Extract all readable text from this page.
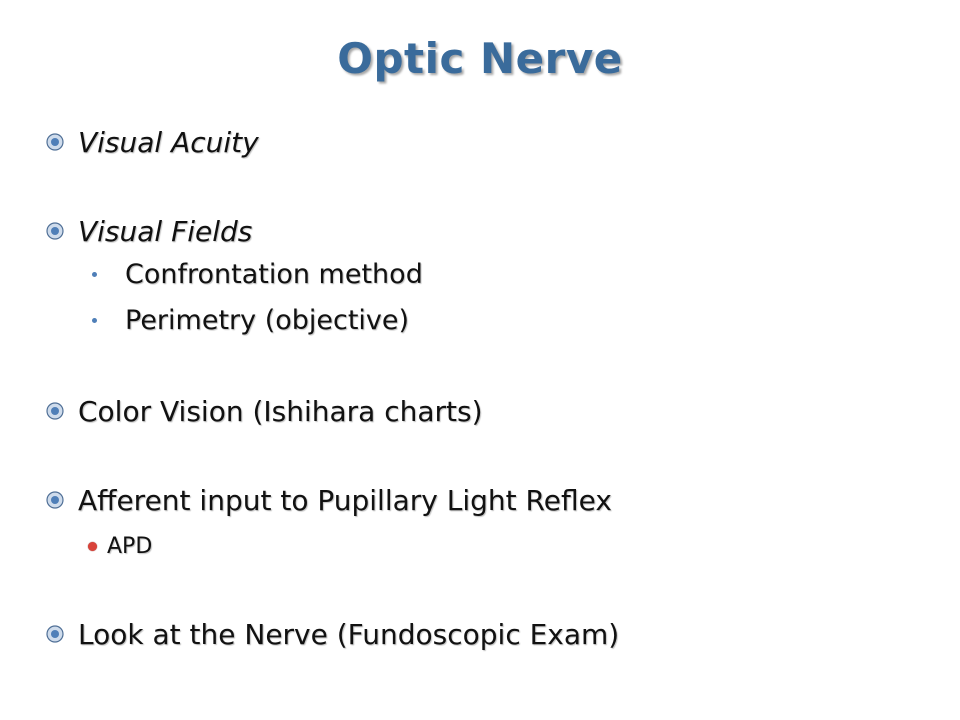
Optic Nerve
Visual Acuity
Visual Fields
Confrontation method
Perimetry (objective)
Color Vision (Ishihara charts)
Afferent input to Pupillary Light Reflex
APD
Look at the Nerve (Fundoscopic Exam)
